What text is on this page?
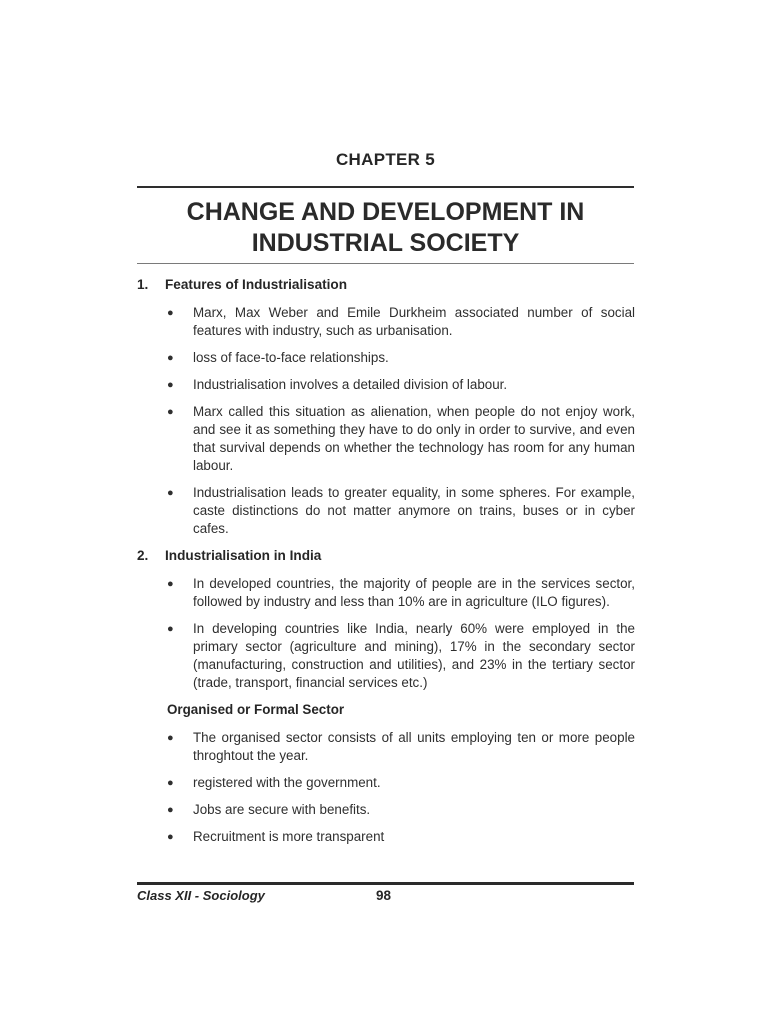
CHAPTER 5
CHANGE AND DEVELOPMENT IN
INDUSTRIAL SOCIETY
1.	Features of Industrialisation
● Marx, Max Weber and Emile Durkheim associated number of social features with industry, such as urbanisation.
● loss of face-to-face relationships.
● Industrialisation involves a detailed division of labour.
● Marx called this situation as alienation, when people do not enjoy work, and see it as something they have to do only in order to survive, and even that survival depends on whether the technology has room for any human labour.
● Industrialisation leads to greater equality, in some spheres. For example, caste distinctions do not matter anymore on trains, buses or in cyber cafes.
2.	Industrialisation in India
● In developed countries, the majority of people are in the services sector, followed by industry and less than 10% are in agriculture (ILO figures).
● In developing countries like India, nearly 60% were employed in the primary sector (agriculture and mining), 17% in the secondary sector (manufacturing, construction and utilities), and 23% in the tertiary sector (trade, transport, financial services etc.)
Organised or Formal Sector
● The organised sector consists of all units employing ten or more people throghtout the year.
● registered with the government.
● Jobs are secure with benefits.
● Recruitment is more transparent
Class XII - Sociology	98
